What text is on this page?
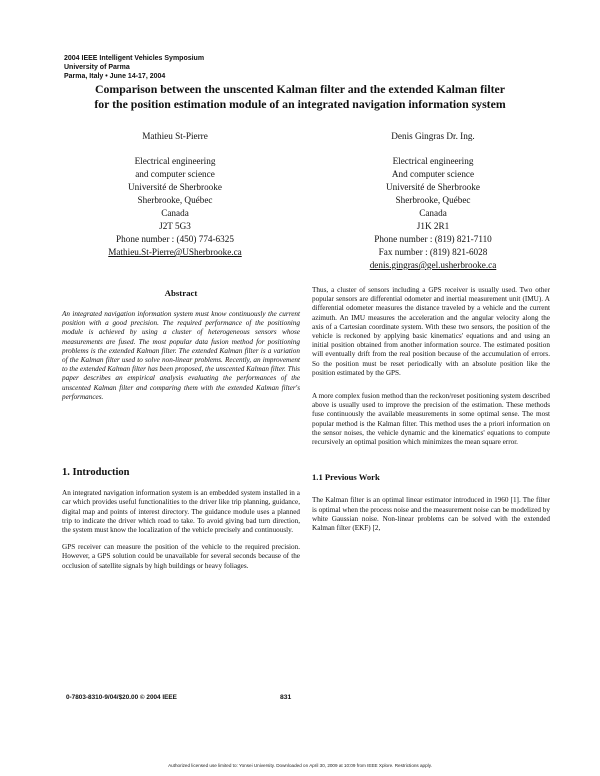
2004 IEEE Intelligent Vehicles Symposium
University of Parma
Parma, Italy • June 14-17, 2004
Comparison between the unscented Kalman filter and the extended Kalman filter
for the position estimation module of an integrated navigation information system
Mathieu St-Pierre
Electrical engineering
and computer science
Université de Sherbrooke
Sherbrooke, Québec
Canada
J2T 5G3
Phone number : (450) 774-6325
Mathieu.St-Pierre@USherbrooke.ca
Denis Gingras Dr. Ing.
Electrical engineering
And computer science
Université de Sherbrooke
Sherbrooke, Québec
Canada
J1K 2R1
Phone number : (819) 821-7110
Fax number : (819) 821-6028
denis.gingras@gel.usherbrooke.ca
Abstract
An integrated navigation information system must know continuously the current position with a good precision. The required performance of the positioning module is achieved by using a cluster of heterogeneous sensors whose measurements are fused. The most popular data fusion method for positioning problems is the extended Kalman filter. The extended Kalman filter is a variation of the Kalman filter used to solve non-linear problems. Recently, an improvement to the extended Kalman filter has been proposed, the unscented Kalman filter. This paper describes an empirical analysis evaluating the performances of the unscented Kalman filter and comparing them with the extended Kalman filter's performances.
1. Introduction

An integrated navigation information system is an embedded system installed in a car which provides useful functionalities to the driver like trip planning, guidance, digital map and points of interest directory. The guidance module uses a planned trip to indicate the driver which road to take. To avoid giving bad turn direction, the system must know the localization of the vehicle precisely and continuously.

GPS receiver can measure the position of the vehicle to the required precision. However, a GPS solution could be unavailable for several seconds because of the occlusion of satellite signals by high buildings or heavy foliages.

Thus, a cluster of sensors including a GPS receiver is usually used. Two other popular sensors are differential odometer and inertial measurement unit (IMU). A differential odometer measures the distance traveled by a vehicle and the current azimuth. An IMU measures the acceleration and the angular velocity along the axis of a Cartesian coordinate system. With these two sensors, the position of the vehicle is reckoned by applying basic kinematics' equations and and using an initial position obtained from another information source. The estimated position will eventually drift from the real position because of the accumulation of errors. So the position must be reset periodically with an absolute position like the position estimated by the GPS.

A more complex fusion method than the reckon/reset positioning system described above is usually used to improve the precision of the estimation. These methods fuse continuously the available measurements in some optimal sense. The most popular method is the Kalman filter. This method uses the a priori information on the sensor noises, the vehicle dynamic and the kinematics' equations to compute recursively an optimal position which minimizes the mean square error.

1.1 Previous Work

The Kalman filter is an optimal linear estimator introduced in 1960 [1]. The filter is optimal when the process noise and the measurement noise can be modelized by white Gaussian noise. Non-linear problems can be solved with the extended Kalman filter (EKF) [2,

0-7803-8310-9/04/$20.00 © 2004 IEEE	831
Authorized licensed use limited to: Yonsei University. Downloaded on April 30, 2009 at 10:09 from IEEE Xplore. Restrictions apply.
